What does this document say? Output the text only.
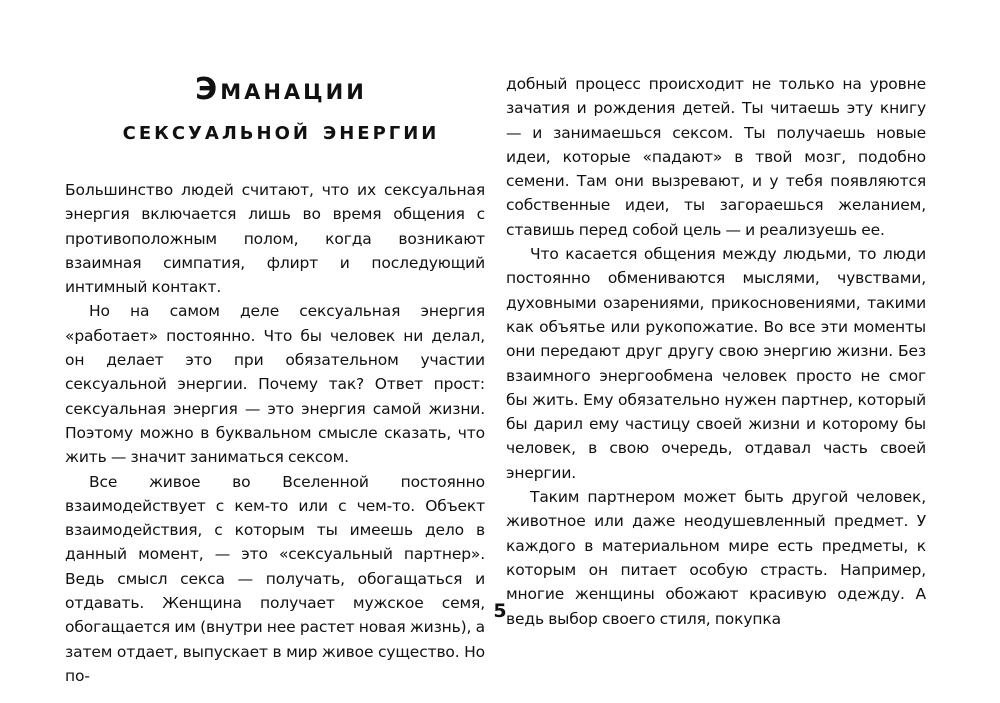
Эманации
сексуальной энергии

Большинство людей считают, что их сексуальная энергия включается лишь во время общения с противоположным полом, когда возникают взаимная симпатия, флирт и последующий интимный контакт.

Но на самом деле сексуальная энергия «работает» постоянно. Что бы человек ни делал, он делает это при обязательном участии сексуальной энергии. Почему так? Ответ прост: сексуальная энергия — это энергия самой жизни. Поэтому можно в буквальном смысле сказать, что жить — значит заниматься сексом.

Все живое во Вселенной постоянно взаимодействует с кем-то или с чем-то. Объект взаимодействия, с которым ты имеешь дело в данный момент, — это «сексуальный партнер». Ведь смысл секса — получать, обогащаться и отдавать. Женщина получает мужское семя, обогащается им (внутри нее растет новая жизнь), а затем отдает, выпускает в мир живое существо. Но по-

добный процесс происходит не только на уровне зачатия и рождения детей. Ты читаешь эту книгу — и занимаешься сексом. Ты получаешь новые идеи, которые «падают» в твой мозг, подобно семени. Там они вызревают, и у тебя появляются собственные идеи, ты загораешься желанием, ставишь перед собой цель — и реализуешь ее.

Что касается общения между людьми, то люди постоянно обмениваются мыслями, чувствами, духовными озарениями, прикосновениями, такими как объятье или рукопожатие. Во все эти моменты они передают друг другу свою энергию жизни. Без взаимного энергообмена человек просто не смог бы жить. Ему обязательно нужен партнер, который бы дарил ему частицу своей жизни и которому бы человек, в свою очередь, отдавал часть своей энергии.

Таким партнером может быть другой человек, животное или даже неодушевленный предмет. У каждого в материальном мире есть предметы, к которым он питает особую страсть. Например, многие женщины обожают красивую одежду. А ведь выбор своего стиля, покупка

5
